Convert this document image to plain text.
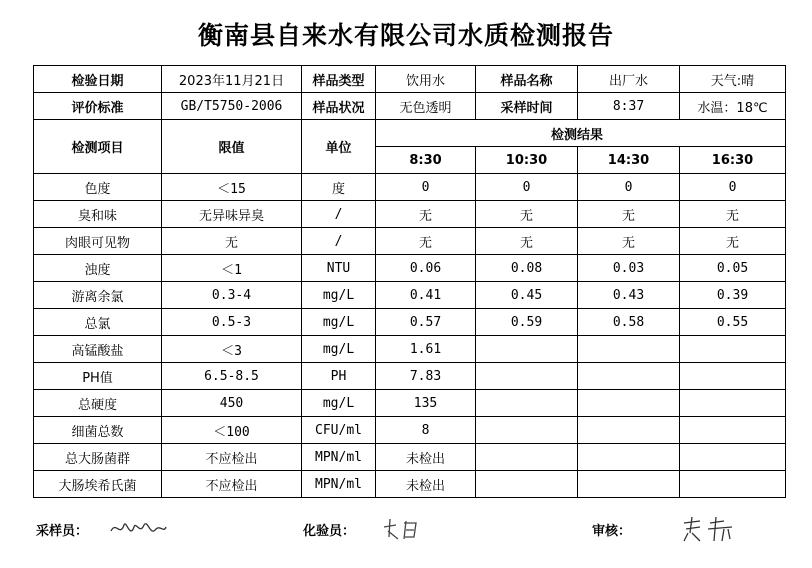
衡南县自来水有限公司水质检测报告
检验日期	2023年11月21日	样品类型	饮用水	样品名称	出厂水	天气:晴
评价标准	GB/T5750-2006	样品状况	无色透明	采样时间	8:37	水温：18℃
检测项目	限值	单位	检测结果			
			8:30	10:30	14:30	16:30
色度	＜15	度	0	0	0	0
臭和味	无异味异臭	/	无	无	无	无
肉眼可见物	无	/	无	无	无	无
浊度	＜1	NTU	0.06	0.08	0.03	0.05
游离余氯	0.3-4	mg/L	0.41	0.45	0.43	0.39
总氯	0.5-3	mg/L	0.57	0.59	0.58	0.55
高锰酸盐	＜3	mg/L	1.61			
PH值	6.5-8.5	PH	7.83			
总硬度	450	mg/L	135			
细菌总数	＜100	CFU/ml	8			
总大肠菌群	不应检出	MPN/ml	未检出			
大肠埃希氏菌	不应检出	MPN/ml	未检出			
采样员：	化验员：	审核：
